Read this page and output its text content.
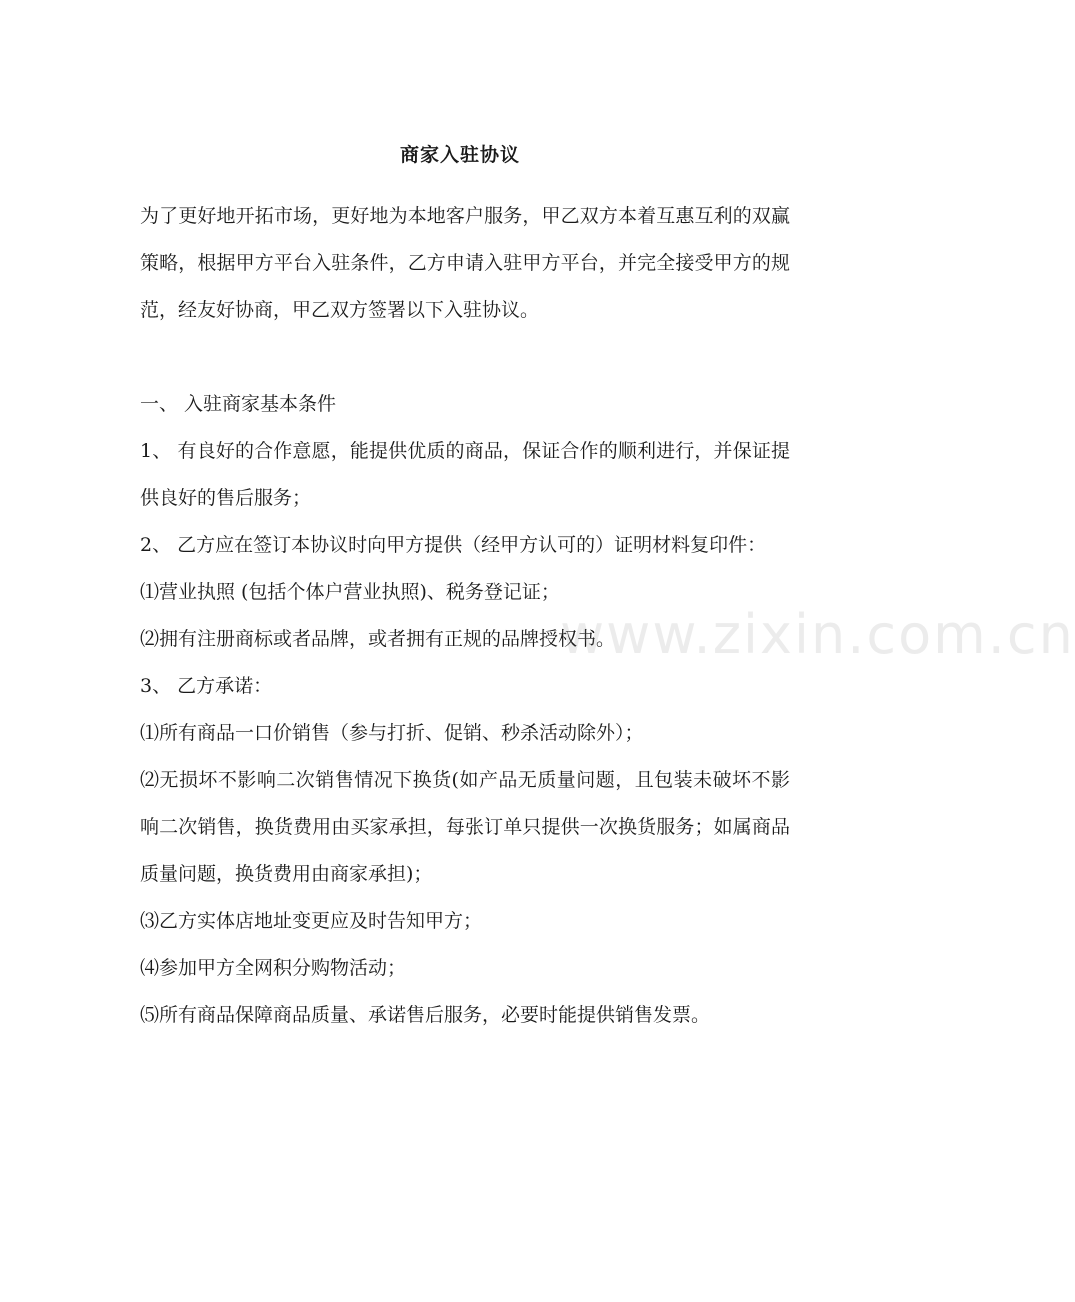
商家入驻协议

为了更好地开拓市场，更好地为本地客户服务，甲乙双方本着互惠互利的双赢策略，根据甲方平台入驻条件，乙方申请入驻甲方平台，并完全接受甲方的规范，经友好协商，甲乙双方签署以下入驻协议。

一、 入驻商家基本条件

1、 有良好的合作意愿，能提供优质的商品，保证合作的顺利进行，并保证提供良好的售后服务；

2、 乙方应在签订本协议时向甲方提供（经甲方认可的）证明材料复印件：

⑴营业执照 (包括个体户营业执照)、税务登记证；

⑵拥有注册商标或者品牌，或者拥有正规的品牌授权书。

3、 乙方承诺：

⑴所有商品一口价销售（参与打折、促销、秒杀活动除外）；

⑵无损坏不影响二次销售情况下换货(如产品无质量问题，且包装未破坏不影响二次销售，换货费用由买家承担，每张订单只提供一次换货服务；如属商品质量问题，换货费用由商家承担)；

⑶乙方实体店地址变更应及时告知甲方；

⑷参加甲方全网积分购物活动；

⑸所有商品保障商品质量、承诺售后服务，必要时能提供销售发票。

www.zixin.com.cn
